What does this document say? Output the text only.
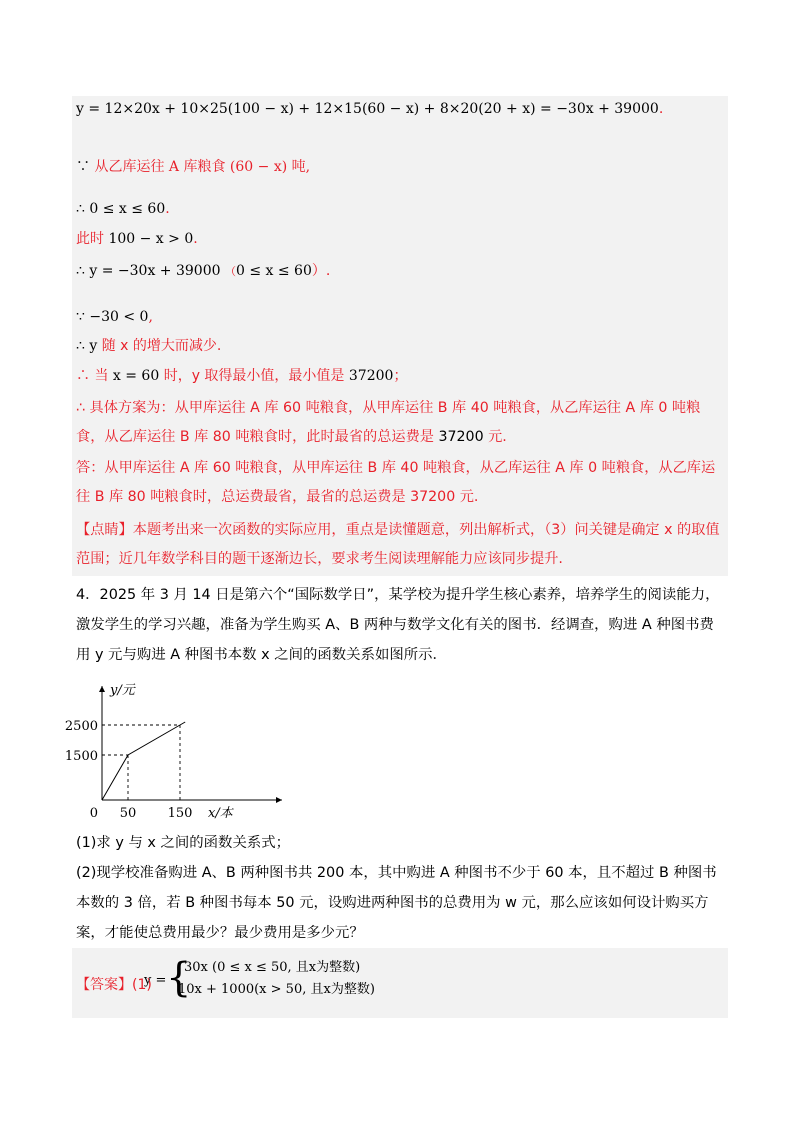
y = 12×20x + 10×25(100 − x) + 12×15(60 − x) + 8×20(20 + x) = −30x + 39000.
∵ 从乙库运往 A 库粮食 (60 − x) 吨,
∴ 0 ≤ x ≤ 60.
此时 100 − x > 0.
∴ y = −30x + 39000 （0 ≤ x ≤ 60）.
∵ −30 < 0,
∴ y 随 x 的增大而减少.
∴ 当 x = 60 时，y 取得最小值，最小值是 37200；
∴ 具体方案为：从甲库运往 A 库 60 吨粮食，从甲库运往 B 库 40 吨粮食，从乙库运往 A 库 0 吨粮食，从乙库运往 B 库 80 吨粮食时，此时最省的总运费是 37200 元.
答：从甲库运往 A 库 60 吨粮食，从甲库运往 B 库 40 吨粮食，从乙库运往 A 库 0 吨粮食，从乙库运往 B 库 80 吨粮食时，总运费最省，最省的总运费是 37200 元.
【点睛】本题考出来一次函数的实际应用，重点是读懂题意，列出解析式，（3）问关键是确定 x 的取值范围；近几年数学科目的题干逐渐边长，要求考生阅读理解能力应该同步提升.
4．2025 年 3 月 14 日是第六个“国际数学日”，某学校为提升学生核心素养，培养学生的阅读能力，激发学生的学习兴趣，准备为学生购买 A、B 两种与数学文化有关的图书．经调查，购进 A 种图书费用 y 元与购进 A 种图书本数 x 之间的函数关系如图所示．
y/元
x/本
0 50 150
1500
2500
(1)求 y 与 x 之间的函数关系式；
(2)现学校准备购进 A、B 两种图书共 200 本，其中购进 A 种图书不少于 60 本，且不超过 B 种图书本数的 3 倍，若 B 种图书每本 50 元，设购进两种图书的总费用为 w 元，那么应该如何设计购买方案，才能使总费用最少？最少费用是多少元？
【答案】(1)
y = {
30x (0 ≤ x ≤ 50, 且x为整数)
10x + 1000(x > 50, 且x为整数)
